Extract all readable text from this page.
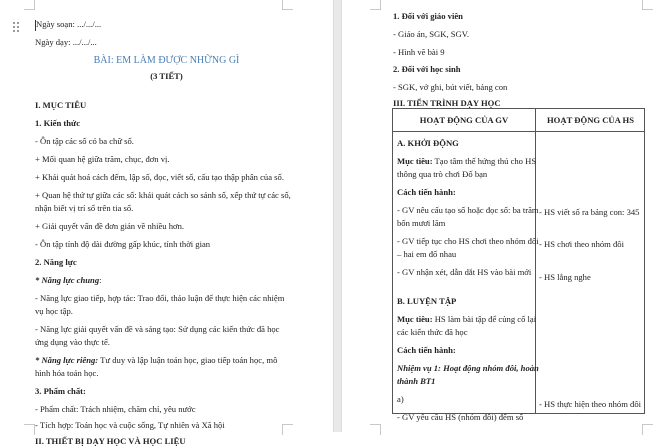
Ngày soạn: .../.../...
Ngày dạy: .../.../...
BÀI: EM LÀM ĐƯỢC NHỮNG GÌ
(3 TIẾT)
I. MỤC TIÊU
1. Kiến thức
- Ôn tập các số có ba chữ số.
+ Mối quan hệ giữa trăm, chục, đơn vị.
+ Khái quát hoá cách đếm, lập số, đọc, viết số, cấu tạo thập phân của số.
+ Quan hệ thứ tự giữa các số: khái quát cách so sánh số, xếp thứ tự các số,
nhận biết vị trí số trên tia số.
+ Giải quyết vấn đề đơn giản về nhiều hơn.
- Ôn tập tính độ dài đường gấp khúc, tính thời gian
2. Năng lực
* Năng lực chung:
- Năng lực giao tiếp, hợp tác: Trao đổi, thảo luận để thực hiện các nhiệm
vụ học tập.
- Năng lực giải quyết vấn đề và sáng tạo: Sử dụng các kiến thức đã học
ứng dụng vào thực tế.
* Năng lực riêng: Tư duy và lập luận toán học, giao tiếp toán học, mô
hình hóa toán học.
3. Phẩm chất:
- Phẩm chất: Trách nhiệm, chăm chỉ, yêu nước
- Tích hợp: Toán học và cuộc sống, Tự nhiên và Xã hội
II. THIẾT BỊ DẠY HỌC VÀ HỌC LIỆU
1. Đối với giáo viên
- Giáo án, SGK, SGV.
- Hình vẽ bài 9
2. Đối với học sinh
- SGK, vở ghi, bút viết, bảng con
III. TIẾN TRÌNH DẠY HỌC
HOẠT ĐỘNG CỦA GV	HOẠT ĐỘNG CỦA HS
A. KHỞI ĐỘNG
Mục tiêu: Tạo tâm thế hứng thú cho HS
thông qua trò chơi Đố bạn
Cách tiến hành:
- GV nêu cấu tạo số hoặc đọc số: ba trăm
bốn mươi lăm
- GV tiếp tục cho HS chơi theo nhóm đôi
– hai em đố nhau
- GV nhận xét, dẫn dắt HS vào bài mới
B. LUYỆN TẬP
Mục tiêu: HS làm bài tập để củng cố lại
các kiến thức đã học
Cách tiến hành:
Nhiệm vụ 1: Hoạt động nhóm đôi, hoàn
thành BT1
a)
- GV yêu cầu HS (nhóm đôi) đếm số
- HS viết số ra bảng con: 345
- HS chơi theo nhóm đôi
- HS lắng nghe
- HS thực hiện theo nhóm đôi
